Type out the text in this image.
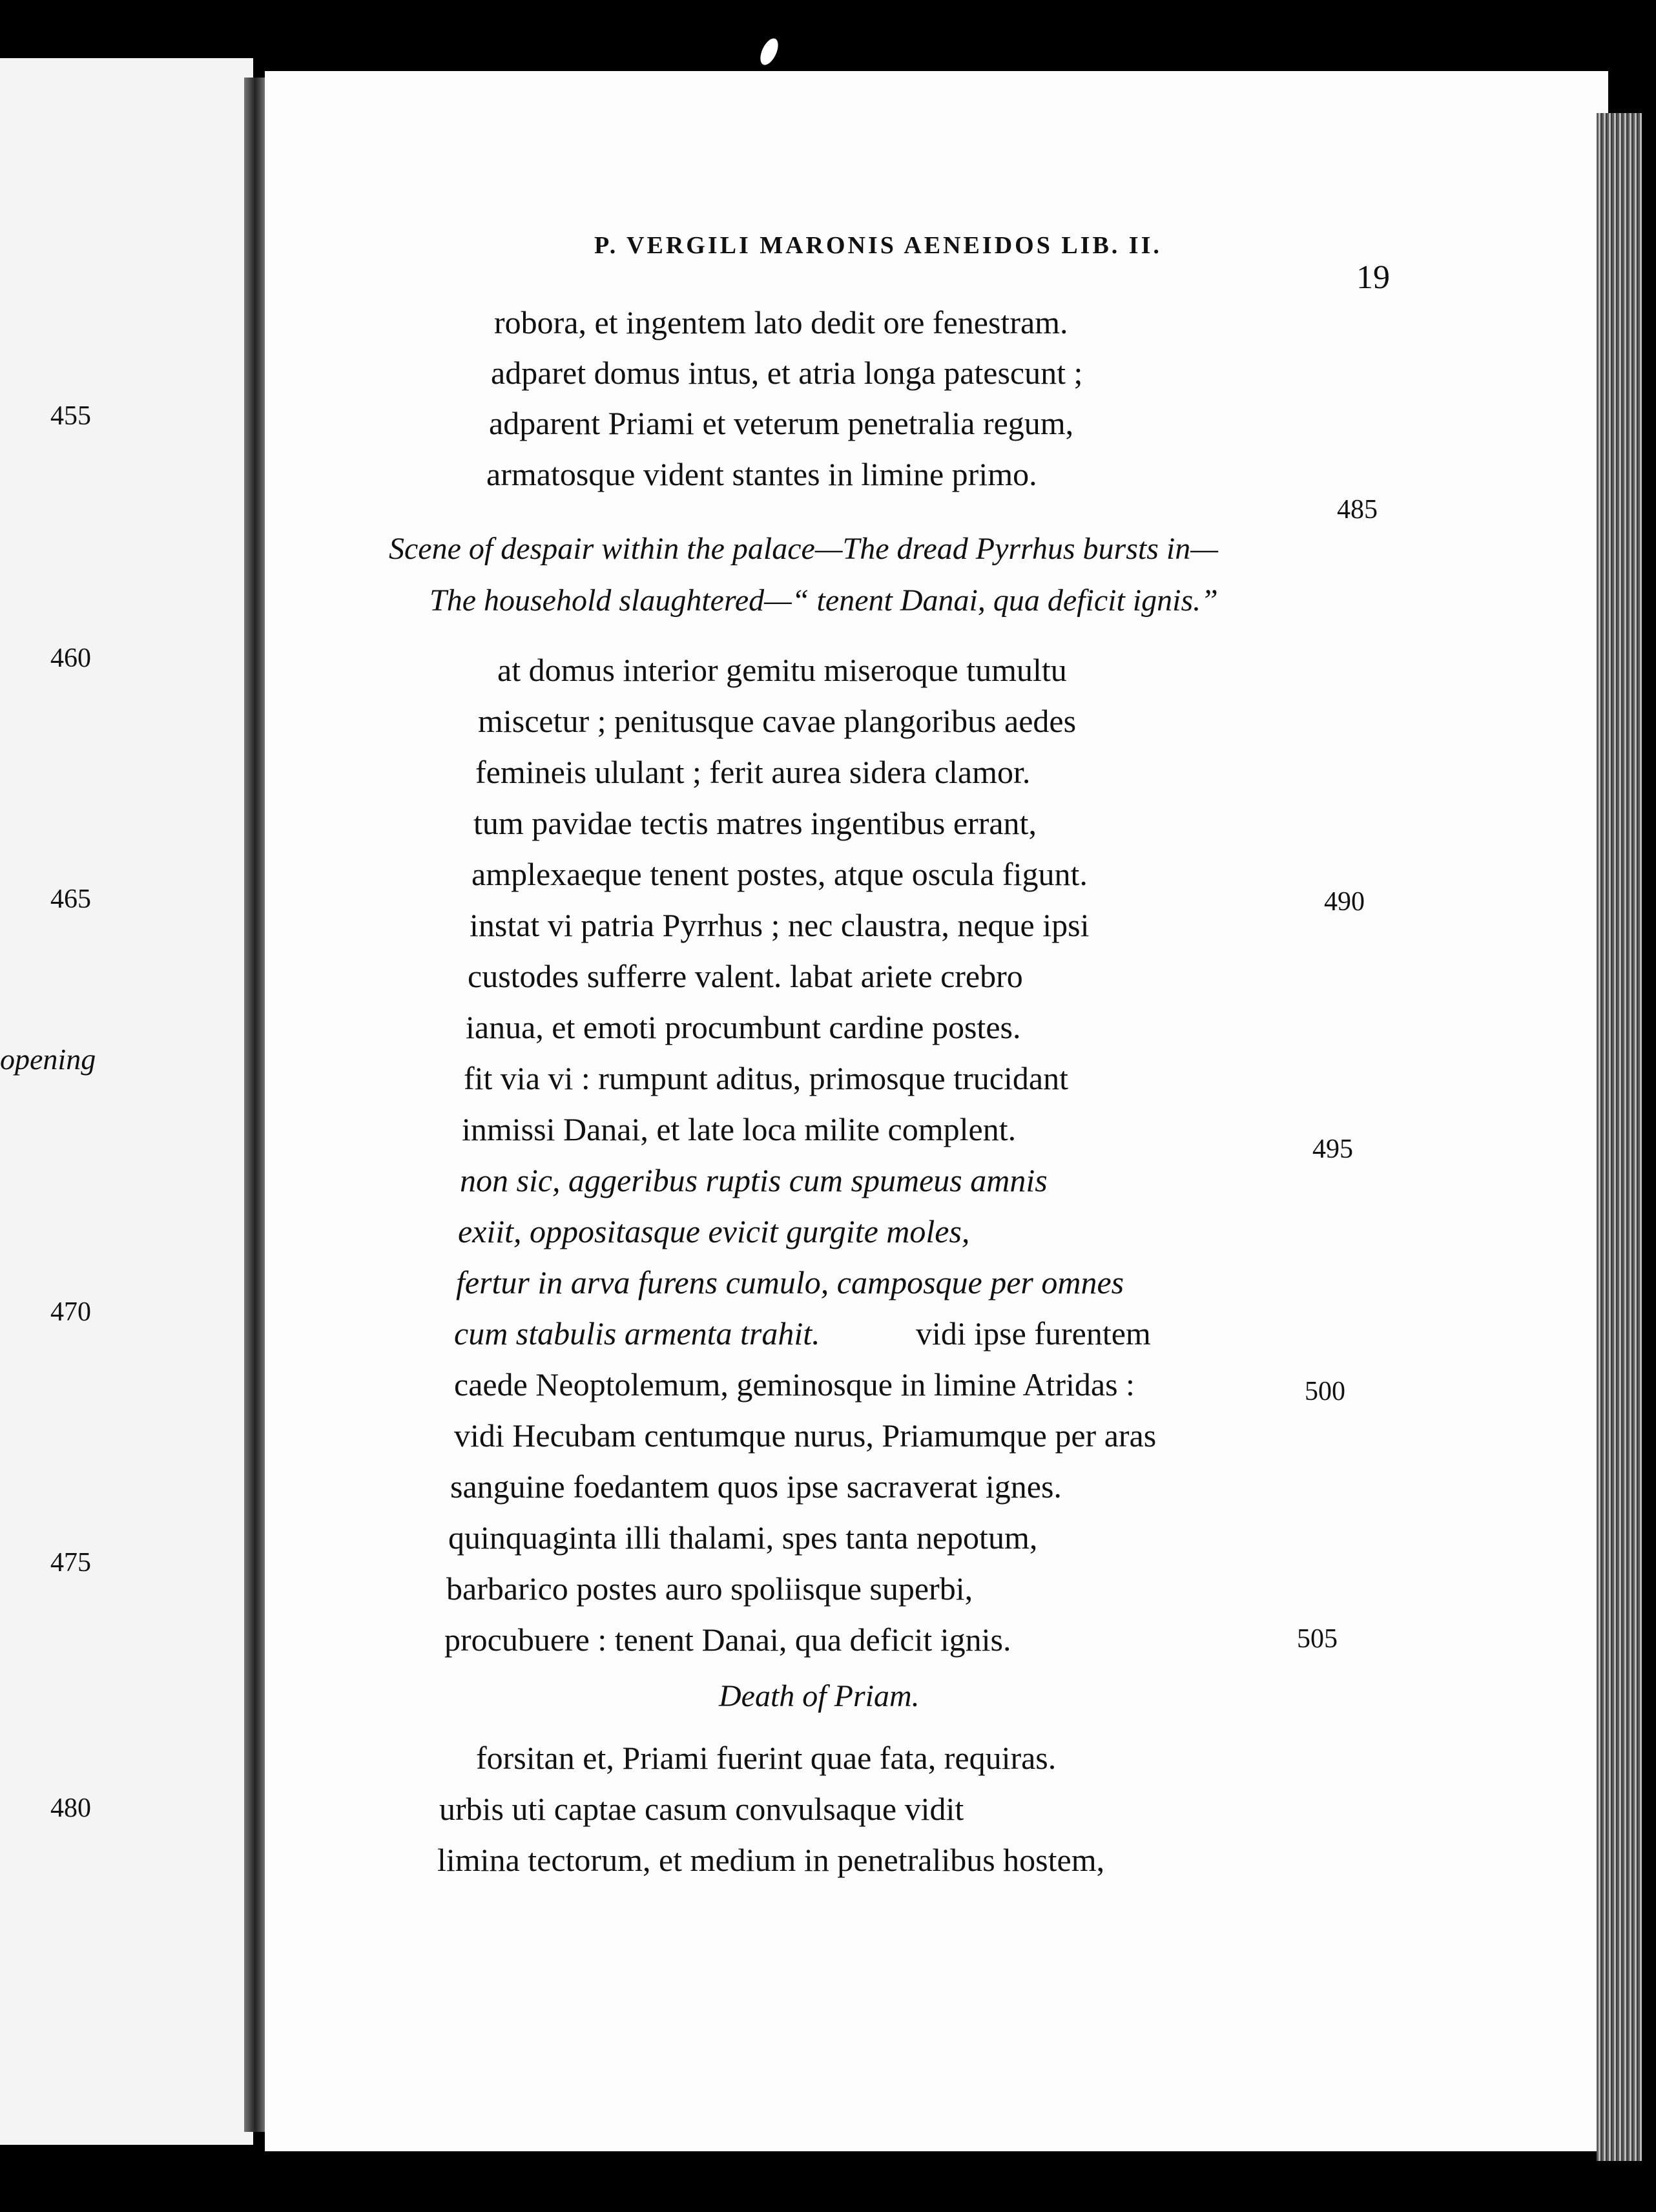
455
460
465
470
475
480
opening
P. VERGILI MARONIS AENEIDOS LIB. II.
19
robora, et ingentem lato dedit ore fenestram.
adparet domus intus, et atria longa patescunt ;
adparent Priami et veterum penetralia regum,
armatosque vident stantes in limine primo.
485
Scene of despair within the palace—The dread Pyrrhus bursts in—
The household slaughtered—“ tenent Danai, qua deficit ignis.”
at domus interior gemitu miseroque tumultu
miscetur ; penitusque cavae plangoribus aedes
femineis ululant ; ferit aurea sidera clamor.
tum pavidae tectis matres ingentibus errant,
amplexaeque tenent postes, atque oscula figunt.
490
instat vi patria Pyrrhus ; nec claustra, neque ipsi
custodes sufferre valent. labat ariete crebro
ianua, et emoti procumbunt cardine postes.
fit via vi : rumpunt aditus, primosque trucidant
inmissi Danai, et late loca milite complent.
495
non sic, aggeribus ruptis cum spumeus amnis
exiit, oppositasque evicit gurgite moles,
fertur in arva furens cumulo, camposque per omnes
cum stabulis armenta trahit.	vidi ipse furentem
caede Neoptolemum, geminosque in limine Atridas :	500
vidi Hecubam centumque nurus, Priamumque per aras
sanguine foedantem quos ipse sacraverat ignes.
quinquaginta illi thalami, spes tanta nepotum,
barbarico postes auro spoliisque superbi,
procubuere : tenent Danai, qua deficit ignis.	505
Death of Priam.
forsitan et, Priami fuerint quae fata, requiras.
urbis uti captae casum convulsaque vidit
limina tectorum, et medium in penetralibus hostem,
